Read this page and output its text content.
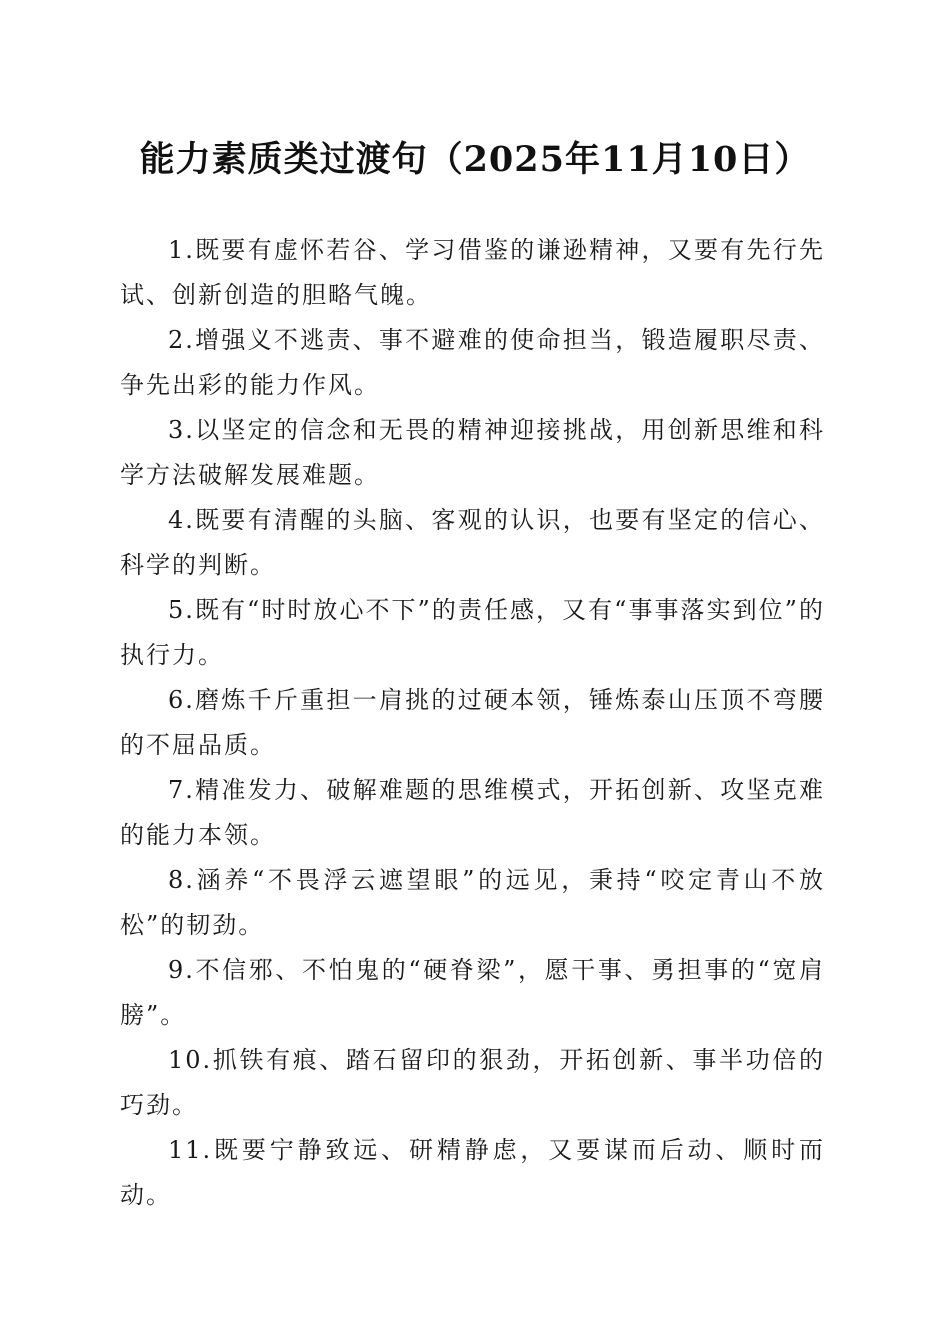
能力素质类过渡句（2025年11月10日）

1.既要有虚怀若谷、学习借鉴的谦逊精神，又要有先行先试、创新创造的胆略气魄。

2.增强义不逃责、事不避难的使命担当，锻造履职尽责、争先出彩的能力作风。

3.以坚定的信念和无畏的精神迎接挑战，用创新思维和科学方法破解发展难题。

4.既要有清醒的头脑、客观的认识，也要有坚定的信心、科学的判断。

5.既有“时时放心不下”的责任感，又有“事事落实到位”的执行力。

6.磨炼千斤重担一肩挑的过硬本领，锤炼泰山压顶不弯腰的不屈品质。

7.精准发力、破解难题的思维模式，开拓创新、攻坚克难的能力本领。

8.涵养“不畏浮云遮望眼”的远见，秉持“咬定青山不放松”的韧劲。

9.不信邪、不怕鬼的“硬脊梁”，愿干事、勇担事的“宽肩膀”。

10.抓铁有痕、踏石留印的狠劲，开拓创新、事半功倍的巧劲。

11.既要宁静致远、研精静虑，又要谋而后动、顺时而动。
